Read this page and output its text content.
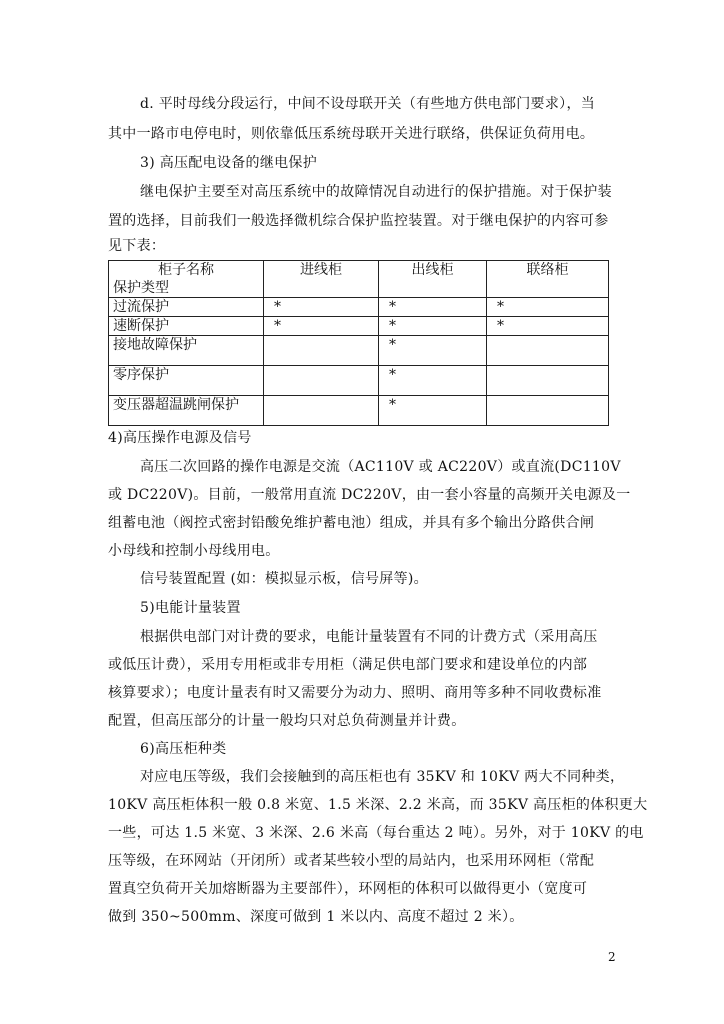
d. 平时母线分段运行，中间不设母联开关（有些地方供电部门要求），当
其中一路市电停电时，则依靠低压系统母联开关进行联络，供保证负荷用电。
3) 高压配电设备的继电保护
继电保护主要至对高压系统中的故障情况自动进行的保护措施。对于保护装
置的选择，目前我们一般选择微机综合保护监控装置。对于继电保护的内容可参
见下表：
柜子名称
保护类型	进线柜	出线柜	联络柜
过流保护	*	*	*
速断保护	*	*	*
接地故障保护		*	
零序保护		*	
变压器超温跳闸保护		*	
4)高压操作电源及信号
高压二次回路的操作电源是交流（AC110V 或 AC220V）或直流(DC110V
或 DC220V)。目前，一般常用直流 DC220V，由一套小容量的高频开关电源及一
组蓄电池（阀控式密封铅酸免维护蓄电池）组成，并具有多个输出分路供合闸
小母线和控制小母线用电。
信号装置配置 (如：模拟显示板，信号屏等)。
5)电能计量装置
根据供电部门对计费的要求，电能计量装置有不同的计费方式（采用高压
或低压计费），采用专用柜或非专用柜（满足供电部门要求和建设单位的内部
核算要求）；电度计量表有时又需要分为动力、照明、商用等多种不同收费标准
配置，但高压部分的计量一般均只对总负荷测量并计费。
6)高压柜种类
对应电压等级，我们会接触到的高压柜也有 35KV 和 10KV 两大不同种类，
10KV 高压柜体积一般 0.8 米宽、1.5 米深、2.2 米高，而 35KV 高压柜的体积更大
一些，可达 1.5 米宽、3 米深、2.6 米高（每台重达 2 吨）。另外，对于 10KV 的电
压等级，在环网站（开闭所）或者某些较小型的局站内，也采用环网柜（常配
置真空负荷开关加熔断器为主要部件），环网柜的体积可以做得更小（宽度可
做到 350~500mm、深度可做到 1 米以内、高度不超过 2 米）。
2
